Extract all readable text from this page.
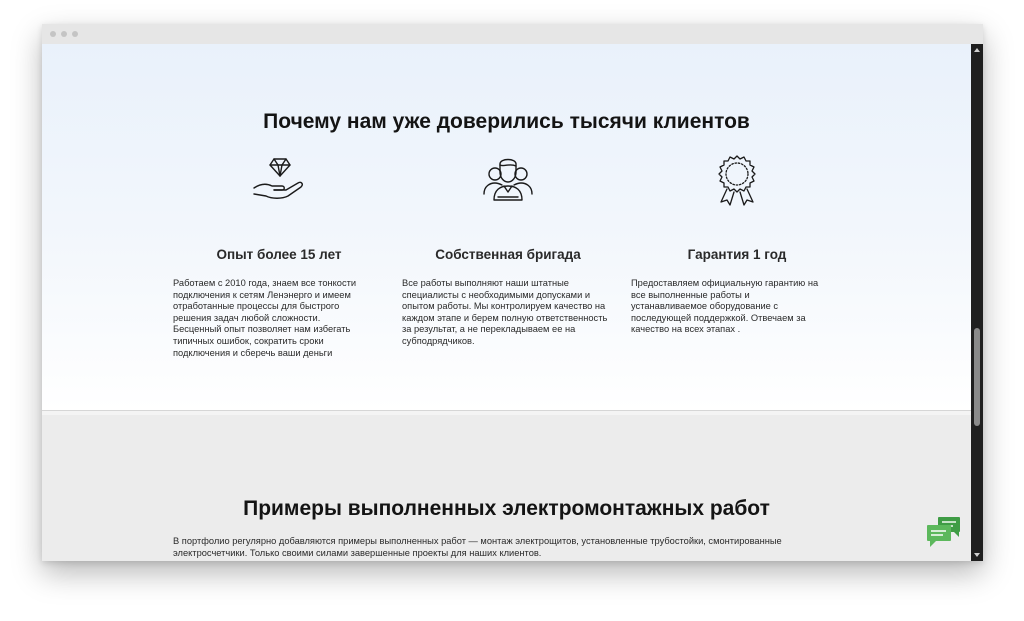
Почему нам уже доверились тысячи клиентов
Опыт более 15 лет

Работаем с 2010 года, знаем все тонкости
подключения к сетям Ленэнерго и имеем
отработанные процессы для быстрого
решения задач любой сложности.
Бесценный опыт позволяет нам избегать
типичных ошибок, сократить сроки
подключения и сберечь ваши деньги

Собственная бригада

Все работы выполняют наши штатные
специалисты с необходимыми допусками и
опытом работы. Мы контролируем качество на
каждом этапе и берем полную ответственность
за результат, а не перекладываем ее на
субподрядчиков.

Гарантия 1 год

Предоставляем официальную гарантию на
все выполненные работы и
устанавливаемое оборудование с
последующей поддержкой. Отвечаем за
качество на всех этапах .

Примеры выполненных электромонтажных работ

В портфолио регулярно добавляются примеры выполненных работ — монтаж электрощитов, установленные трубостойки, смонтированные
электросчетчики. Только своими силами завершенные проекты для наших клиентов.
